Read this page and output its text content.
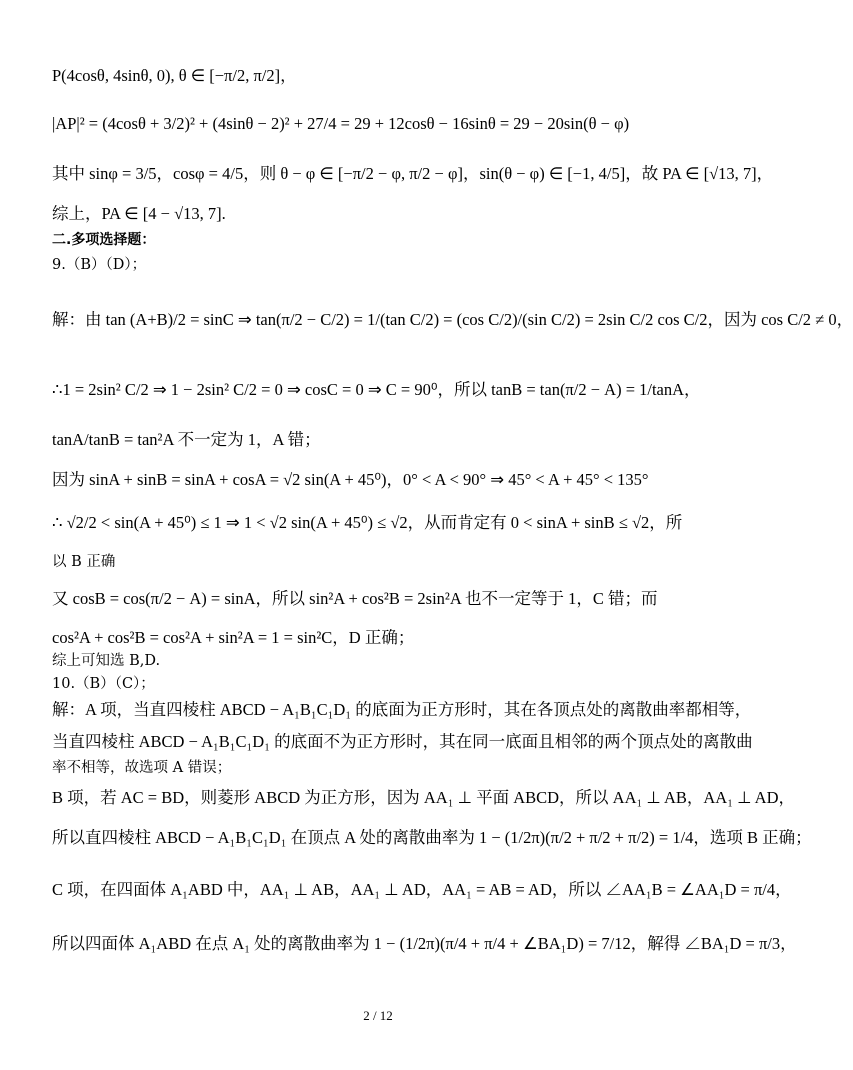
P(4cosθ, 4sinθ, 0), θ ∈ [−π/2, π/2]，
|AP|² = (4cosθ + 3/2)² + (4sinθ − 2)² + 27/4 = 29 + 12cosθ − 16sinθ = 29 − 20sin(θ − φ)
其中 sinφ = 3/5，cosφ = 4/5，则 θ − φ ∈ [−π/2 − φ, π/2 − φ]，sin(θ − φ) ∈ [−1, 4/5]，故 PA ∈ [√13, 7]，
综上，PA ∈ [4 − √13, 7].
二.多项选择题：
9.（B）（D）；
解：由 tan (A+B)/2 = sinC ⇒ tan(π/2 − C/2) = 1/(tan C/2) = (cos C/2)/(sin C/2) = 2sin C/2 cos C/2，因为 cos C/2 ≠ 0，
∴1 = 2sin² C/2 ⇒ 1 − 2sin² C/2 = 0 ⇒ cosC = 0 ⇒ C = 90⁰，所以 tanB = tan(π/2 − A) = 1/tanA，
tanA/tanB = tan²A 不一定为 1，A 错；
因为 sinA + sinB = sinA + cosA = √2 sin(A + 45⁰)，0° < A < 90° ⇒ 45° < A + 45° < 135°
∴ √2/2 < sin(A + 45⁰) ≤ 1 ⇒ 1 < √2 sin(A + 45⁰) ≤ √2，从而肯定有 0 < sinA + sinB ≤ √2，所
以 B 正确
又 cosB = cos(π/2 − A) = sinA，所以 sin²A + cos²B = 2sin²A 也不一定等于 1，C 错；而
cos²A + cos²B = cos²A + sin²A = 1 = sin²C，D 正确；
综上可知选 B,D.
10.（B）（C）；
解：A 项，当直四棱柱 ABCD − A₁B₁C₁D₁ 的底面为正方形时，其在各顶点处的离散曲率都相等，
当直四棱柱 ABCD − A₁B₁C₁D₁ 的底面不为正方形时，其在同一底面且相邻的两个顶点处的离散曲
率不相等，故选项 A 错误；
B 项，若 AC = BD，则菱形 ABCD 为正方形，因为 AA₁ ⊥ 平面 ABCD，所以 AA₁ ⊥ AB，AA₁ ⊥ AD，
所以直四棱柱 ABCD − A₁B₁C₁D₁ 在顶点 A 处的离散曲率为 1 − (1/2π)(π/2 + π/2 + π/2) = 1/4，选项 B 正确；
C 项，在四面体 A₁ABD 中，AA₁ ⊥ AB，AA₁ ⊥ AD，AA₁ = AB = AD，所以 ∠AA₁B = ∠AA₁D = π/4，
所以四面体 A₁ABD 在点 A₁ 处的离散曲率为 1 − (1/2π)(π/4 + π/4 + ∠BA₁D) = 7/12，解得 ∠BA₁D = π/3，
2 / 12
